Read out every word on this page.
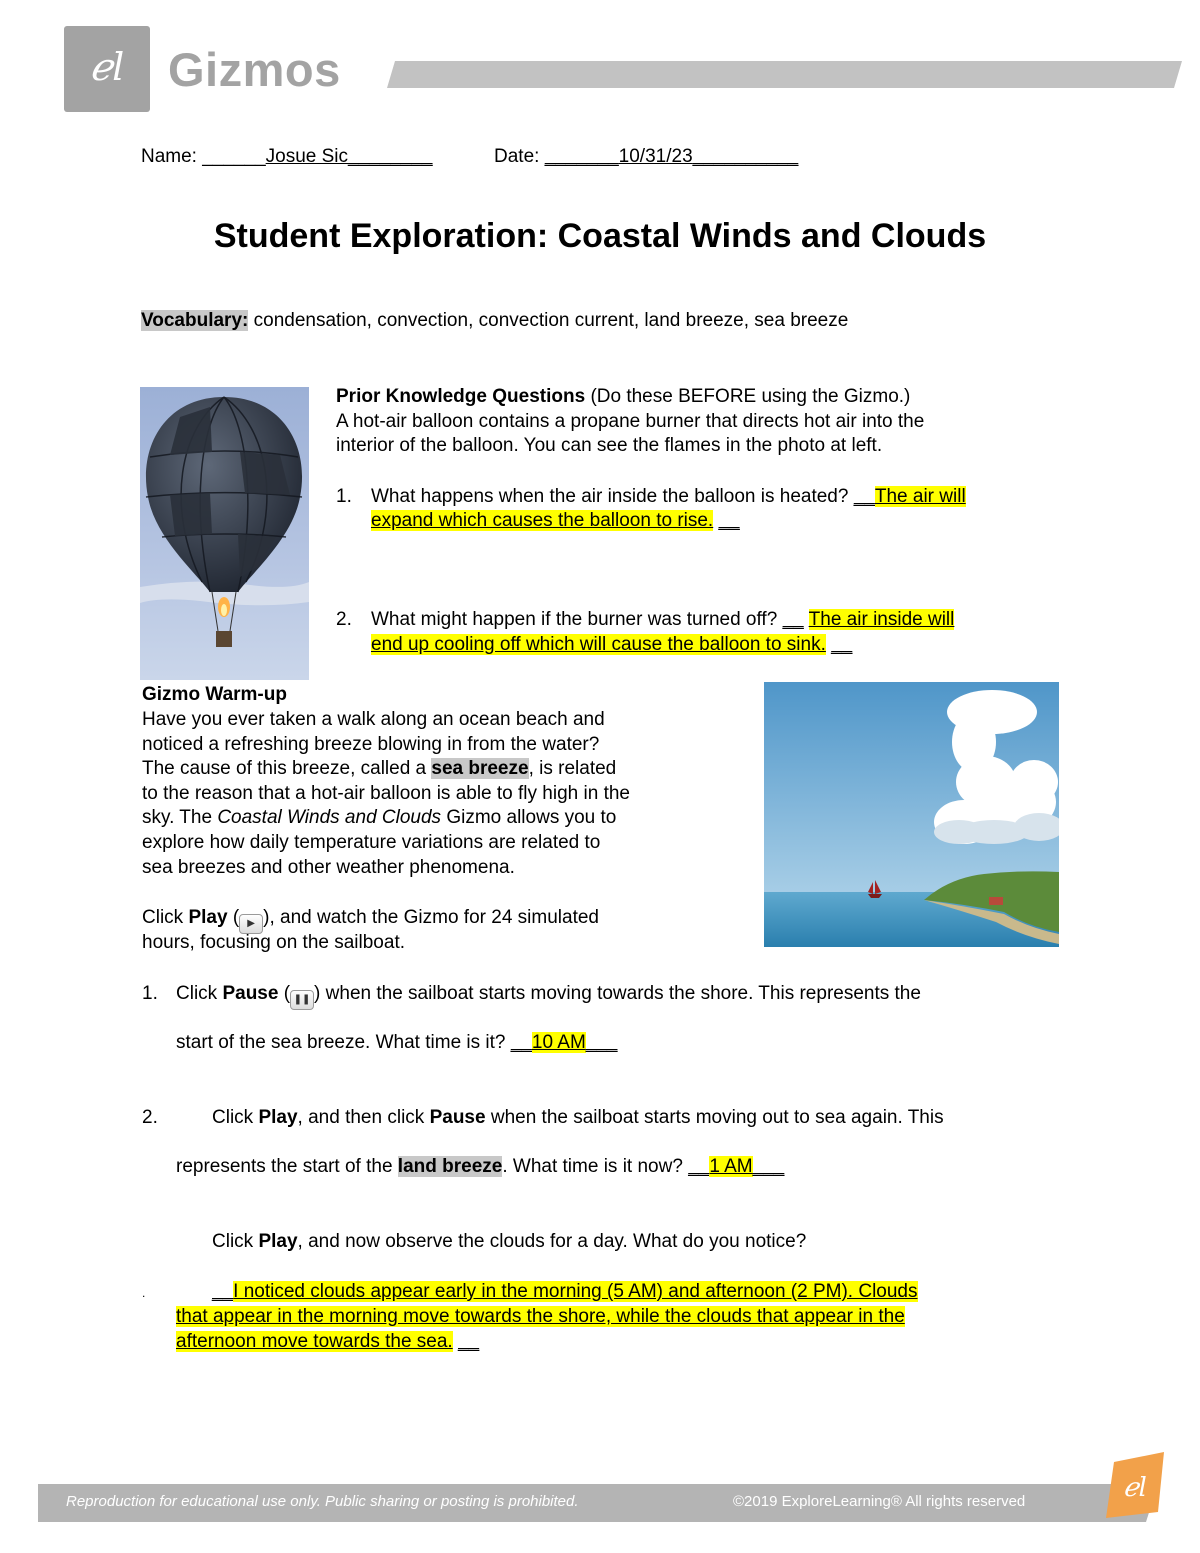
ℯl Gizmos
Name: ______Josue Sic________	Date: _______10/31/23__________
Student Exploration: Coastal Winds and Clouds
Vocabulary: condensation, convection, convection current, land breeze, sea breeze
Prior Knowledge Questions (Do these BEFORE using the Gizmo.)
A hot-air balloon contains a propane burner that directs hot air into the
interior of the balloon. You can see the flames in the photo at left.
1. What happens when the air inside the balloon is heated? __The air will
expand which causes the balloon to rise. __
2. What might happen if the burner was turned off? __ The air inside will
end up cooling off which will cause the balloon to sink. __
Gizmo Warm-up
Have you ever taken a walk along an ocean beach and
noticed a refreshing breeze blowing in from the water?
The cause of this breeze, called a sea breeze, is related
to the reason that a hot-air balloon is able to fly high in the
sky. The Coastal Winds and Clouds Gizmo allows you to
explore how daily temperature variations are related to
sea breezes and other weather phenomena.
Click Play ( ▶ ), and watch the Gizmo for 24 simulated
hours, focusing on the sailboat.
1. Click Pause ( ❚❚ ) when the sailboat starts moving towards the shore. This represents the
start of the sea breeze. What time is it? __10 AM___
2.	Click Play, and then click Pause when the sailboat starts moving out to sea again. This
represents the start of the land breeze. What time is it now? __1 AM___
Click Play, and now observe the clouds for a day. What do you notice?
.	__I noticed clouds appear early in the morning (5 AM) and afternoon (2 PM). Clouds
that appear in the morning move towards the shore, while the clouds that appear in the
afternoon move towards the sea. __
Reproduction for educational use only. Public sharing or posting is prohibited.	©2019 ExploreLearning® All rights reserved	ℯl
